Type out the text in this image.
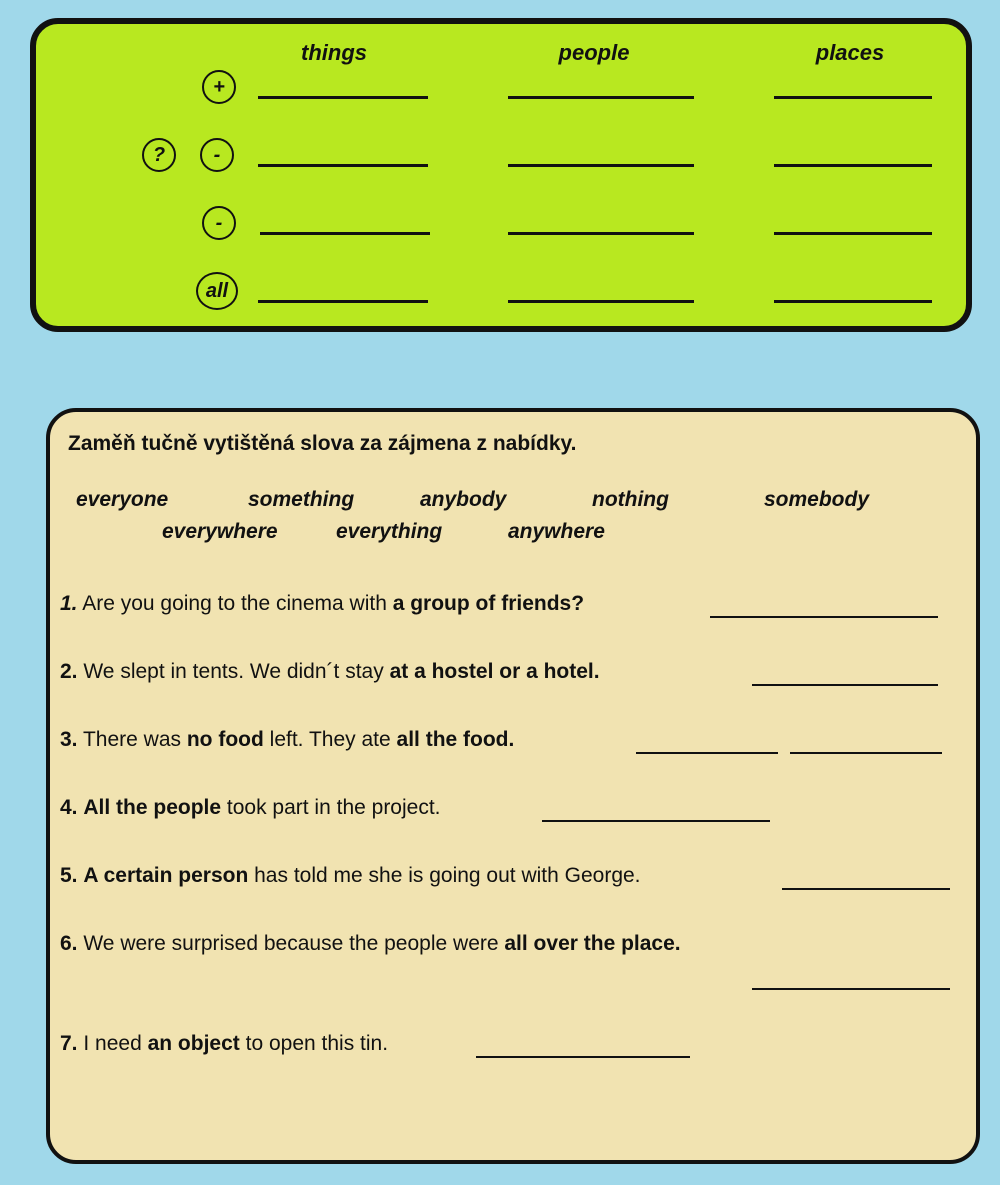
things	people	places
+
?	-
-
all
Zaměň tučně vytištěná slova za zájmena z nabídky.
everyone	something	anybody	nothing	somebody
everywhere	everything	anywhere
1. Are you going to the cinema with a group of friends?
2. We slept in tents. We didn´t stay at a hostel or a hotel.
3. There was no food left. They ate all the food.
4. All the people took part in the project.
5. A certain person has told me she is going out with George.
6. We were surprised because the people were all over the place.
7. I need an object to open this tin.
